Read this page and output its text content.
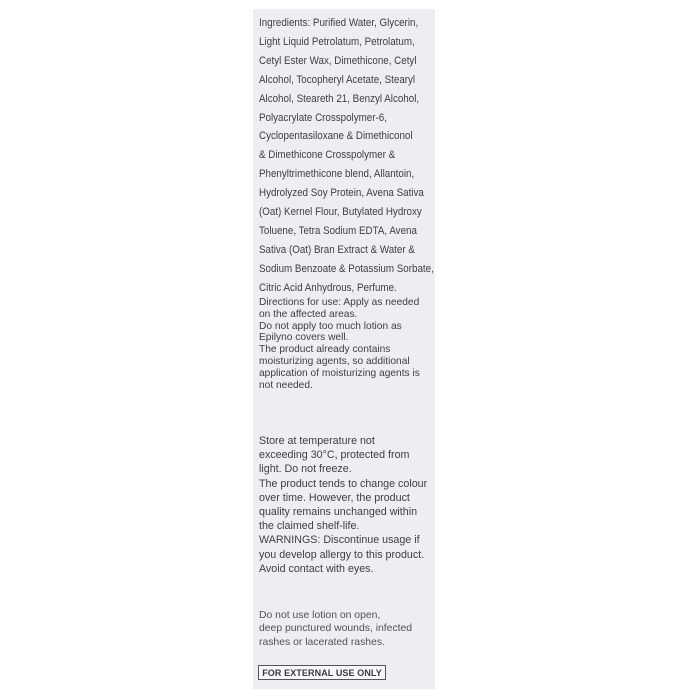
Ingredients: Purified Water, Glycerin,
Light Liquid Petrolatum, Petrolatum,
Cetyl Ester Wax, Dimethicone, Cetyl
Alcohol, Tocopheryl Acetate, Stearyl
Alcohol, Steareth 21, Benzyl Alcohol,
Polyacrylate Crosspolymer-6,
Cyclopentasiloxane & Dimethiconol
& Dimethicone Crosspolymer &
Phenyltrimethicone blend, Allantoin,
Hydrolyzed Soy Protein, Avena Sativa
(Oat) Kernel Flour, Butylated Hydroxy
Toluene, Tetra Sodium EDTA, Avena
Sativa (Oat) Bran Extract & Water &
Sodium Benzoate & Potassium Sorbate,
Citric Acid Anhydrous, Perfume.
Directions for use: Apply as needed
on the affected areas.
Do not apply too much lotion as
Epilyno covers well.
The product already contains
moisturizing agents, so additional
application of moisturizing agents is
not needed.
Store at temperature not
exceeding 30°C, protected from
light. Do not freeze.
The product tends to change colour
over time. However, the product
quality remains unchanged within
the claimed shelf-life.
WARNINGS: Discontinue usage if
you develop allergy to this product.
Avoid contact with eyes.
Do not use lotion on open,
deep punctured wounds, infected
rashes or lacerated rashes.
FOR EXTERNAL USE ONLY
